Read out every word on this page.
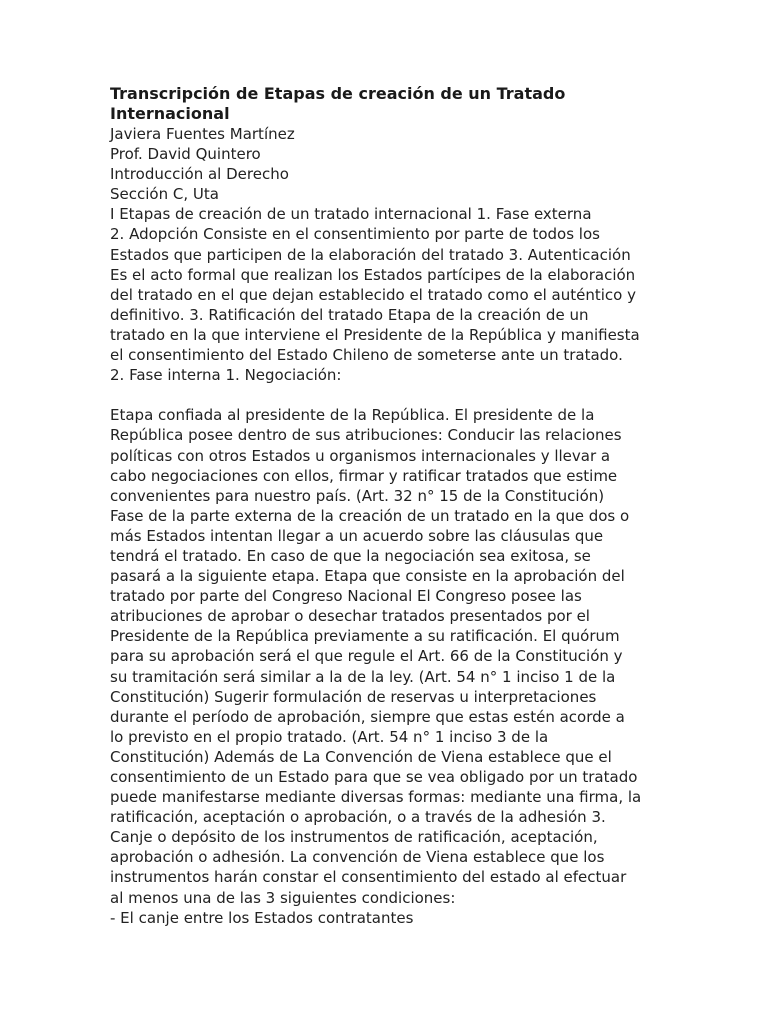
Transcripción de Etapas de creación de un Tratado

Internacional

Javiera Fuentes Martínez

Prof. David Quintero

Introducción al Derecho

Sección C, Uta

I Etapas de creación de un tratado internacional 1. Fase externa

2. Adopción Consiste en el consentimiento por parte de todos los

Estados que participen de la elaboración del tratado 3. Autenticación

Es el acto formal que realizan los Estados partícipes de la elaboración

del tratado en el que dejan establecido el tratado como el auténtico y

definitivo. 3. Ratificación del tratado Etapa de la creación de un

tratado en la que interviene el Presidente de la República y manifiesta

el consentimiento del Estado Chileno de someterse ante un tratado.

2. Fase interna 1. Negociación:

Etapa confiada al presidente de la República. El presidente de la

República posee dentro de sus atribuciones: Conducir las relaciones

políticas con otros Estados u organismos internacionales y llevar a

cabo negociaciones con ellos, firmar y ratificar tratados que estime

convenientes para nuestro país. (Art. 32 n° 15 de la Constitución)

Fase de la parte externa de la creación de un tratado en la que dos o

más Estados intentan llegar a un acuerdo sobre las cláusulas que

tendrá el tratado. En caso de que la negociación sea exitosa, se

pasará a la siguiente etapa. Etapa que consiste en la aprobación del

tratado por parte del Congreso Nacional El Congreso posee las

atribuciones de aprobar o desechar tratados presentados por el

Presidente de la República previamente a su ratificación. El quórum

para su aprobación será el que regule el Art. 66 de la Constitución y

su tramitación será similar a la de la ley. (Art. 54 n° 1 inciso 1 de la

Constitución) Sugerir formulación de reservas u interpretaciones

durante el período de aprobación, siempre que estas estén acorde a

lo previsto en el propio tratado. (Art. 54 n° 1 inciso 3 de la

Constitución) Además de La Convención de Viena establece que el

consentimiento de un Estado para que se vea obligado por un tratado

puede manifestarse mediante diversas formas: mediante una firma, la

ratificación, aceptación o aprobación, o a través de la adhesión 3.

Canje o depósito de los instrumentos de ratificación, aceptación,

aprobación o adhesión. La convención de Viena establece que los

instrumentos harán constar el consentimiento del estado al efectuar

al menos una de las 3 siguientes condiciones:

- El canje entre los Estados contratantes
